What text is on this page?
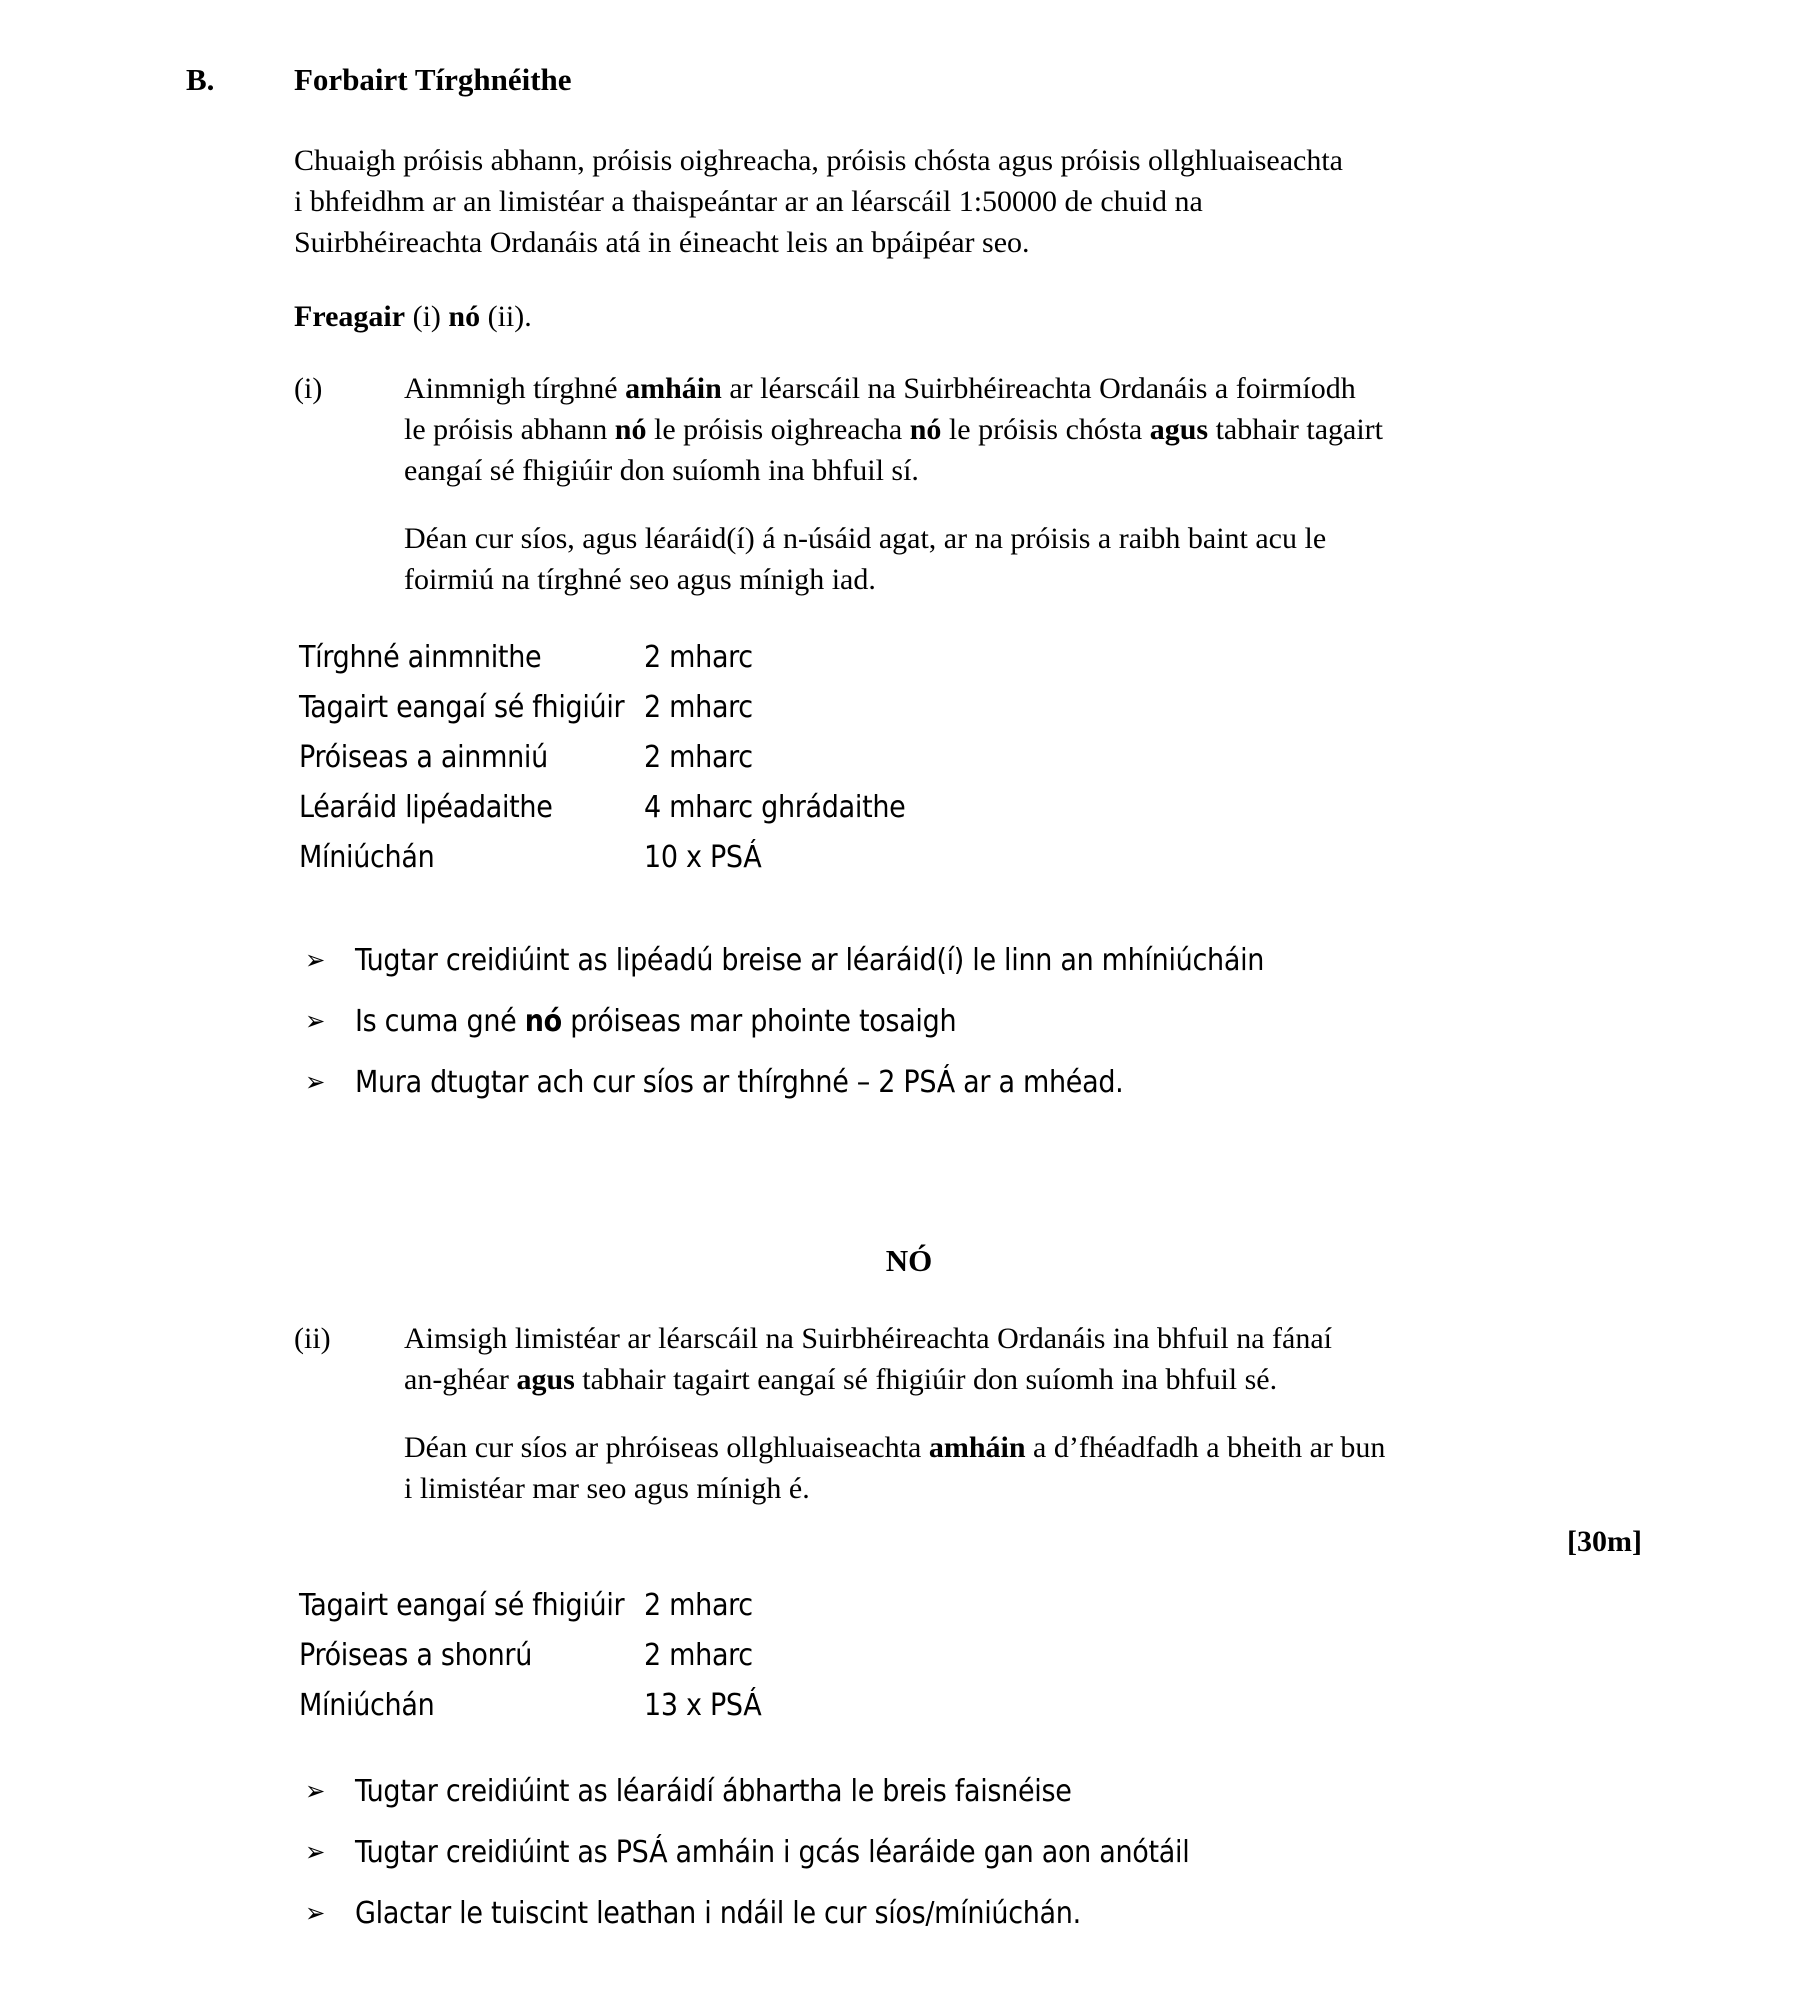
B.	Forbairt Tírghnéithe

Chuaigh próisis abhann, próisis oighreacha, próisis chósta agus próisis ollghluaiseachta

i bhfeidhm ar an limistéar a thaispeántar ar an léarscáil 1:50000 de chuid na

Suirbhéireachta Ordanáis atá in éineacht leis an bpáipéar seo.

Freagair (i) nó (ii).
(i)	Ainmnigh tírghné amháin ar léarscáil na Suirbhéireachta Ordanáis a foirmíodh

le próisis abhann nó le próisis oighreacha nó le próisis chósta agus tabhair tagairt

eangaí sé fhigiúir don suíomh ina bhfuil sí.

Déan cur síos, agus léaráid(í) á n-úsáid agat, ar na próisis a raibh baint acu le

foirmiú na tírghné seo agus mínigh iad.

Tírghné ainmnithe	2 mharc
Tagairt eangaí sé fhigiúir 2 mharc
Próiseas a ainmniú	2 mharc
Léaráid lipéadaithe	4 mharc ghrádaithe
Míniúchán	10 x PSÁ
➢ Tugtar creidiúint as lipéadú breise ar léaráid(í) le linn an mhíniúcháin
➢ Is cuma gné nó próiseas mar phointe tosaigh
➢ Mura dtugtar ach cur síos ar thírghné – 2 PSÁ ar a mhéad.
NÓ
(ii)	Aimsigh limistéar ar léarscáil na Suirbhéireachta Ordanáis ina bhfuil na fánaí

an-ghéar agus tabhair tagairt eangaí sé fhigiúir don suíomh ina bhfuil sé.

Déan cur síos ar phróiseas ollghluaiseachta amháin a d’fhéadfadh a bheith ar bun

i limistéar mar seo agus mínigh é.

[30m]
Tagairt eangaí sé fhigiúir 2 mharc
Próiseas a shonrú	2 mharc
Míniúchán	13 x PSÁ
➢ Tugtar creidiúint as léaráidí ábhartha le breis faisnéise
➢ Tugtar creidiúint as PSÁ amháin i gcás léaráide gan aon anótáil
➢ Glactar le tuiscint leathan i ndáil le cur síos/míniúchán.
